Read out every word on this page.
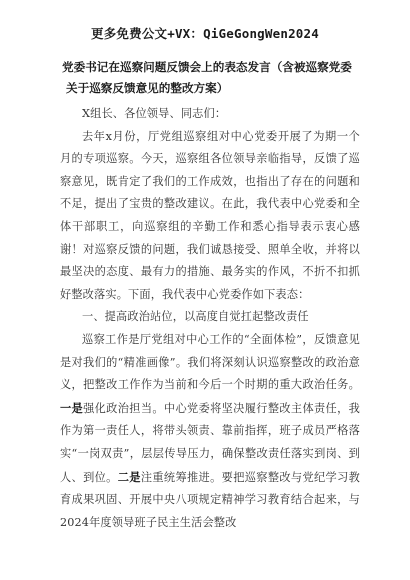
更多免费公文+VX：QiGeGongWen2024
党委书记在巡察问题反馈会上的表态发言（含被巡察党委
关于巡察反馈意见的整改方案）

X组长、各位领导、同志们：

去年x月份，厅党组巡察组对中心党委开展了为期一个月的专项巡察。今天，巡察组各位领导亲临指导，反馈了巡察意见，既肯定了我们的工作成效，也指出了存在的问题和不足，提出了宝贵的整改建议。在此，我代表中心党委和全体干部职工，向巡察组的辛勤工作和悉心指导表示衷心感谢！对巡察反馈的问题，我们诚恳接受、照单全收，并将以最坚决的态度、最有力的措施、最务实的作风，不折不扣抓好整改落实。下面，我代表中心党委作如下表态：

一、提高政治站位，以高度自觉扛起整改责任

巡察工作是厅党组对中心工作的“全面体检”，反馈意见是对我们的“精准画像”。我们将深刻认识巡察整改的政治意义，把整改工作作为当前和今后一个时期的重大政治任务。一是强化政治担当。中心党委将坚决履行整改主体责任，我作为第一责任人，将带头领责、靠前指挥，班子成员严格落实“一岗双责”，层层传导压力，确保整改责任落实到岗、到人、到位。二是注重统筹推进。要把巡察整改与党纪学习教育成果巩固、开展中央八项规定精神学习教育结合起来，与2024年度领导班子民主生活会整改
